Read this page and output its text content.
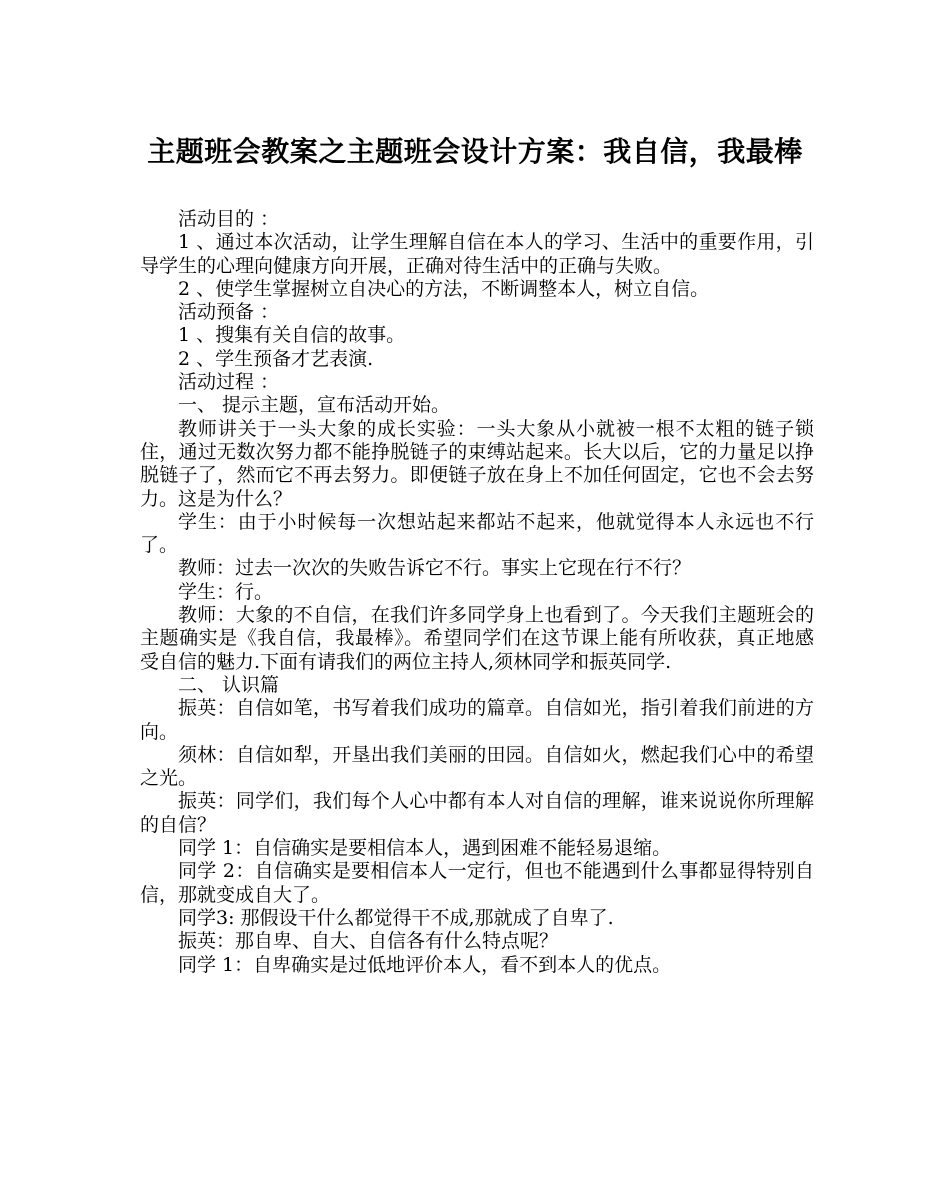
主题班会教案之主题班会设计方案：我自信，我最棒

活动目的 ：

1 、通过本次活动，让学生理解自信在本人的学习、生活中的重要作用，引导学生的心理向健康方向开展，正确对待生活中的正确与失败。

2 、使学生掌握树立自决心的方法，不断调整本人，树立自信。

活动预备 ：

1 、搜集有关自信的故事。

2 、学生预备才艺表演.

活动过程 ：

一、 提示主题，宣布活动开始。

教师讲关于一头大象的成长实验：一头大象从小就被一根不太粗的链子锁住，通过无数次努力都不能挣脱链子的束缚站起来。长大以后，它的力量足以挣脱链子了，然而它不再去努力。即便链子放在身上不加任何固定，它也不会去努力。这是为什么？

学生：由于小时候每一次想站起来都站不起来，他就觉得本人永远也不行了。

教师：过去一次次的失败告诉它不行。事实上它现在行不行？

学生：行。

教师：大象的不自信，在我们许多同学身上也看到了。今天我们主题班会的主题确实是《我自信，我最棒》。希望同学们在这节课上能有所收获，真正地感受自信的魅力.下面有请我们的两位主持人,须林同学和振英同学.

二、 认识篇

振英：自信如笔，书写着我们成功的篇章。自信如光，指引着我们前进的方向。

须林：自信如犁，开垦出我们美丽的田园。自信如火，燃起我们心中的希望之光。

振英：同学们，我们每个人心中都有本人对自信的理解，谁来说说你所理解的自信？

同学 1：自信确实是要相信本人，遇到困难不能轻易退缩。

同学 2：自信确实是要相信本人一定行，但也不能遇到什么事都显得特别自信，那就变成自大了。

同学3: 那假设干什么都觉得干不成,那就成了自卑了.

振英：那自卑、自大、自信各有什么特点呢？

同学 1：自卑确实是过低地评价本人，看不到本人的优点。
